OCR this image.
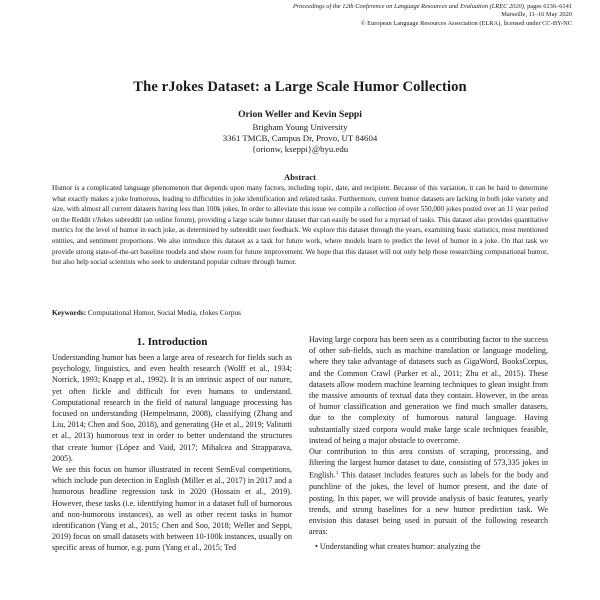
Proceedings of the 12th Conference on Language Resources and Evaluation (LREC 2020), pages 6136–6141
Marseille, 11–16 May 2020
© European Language Resources Association (ELRA), licensed under CC-BY-NC
The rJokes Dataset: a Large Scale Humor Collection
Orion Weller and Kevin Seppi
Brigham Young University
3361 TMCB, Campus Dr, Provo, UT 84604
{orionw, kseppi}@byu.edu
Abstract
Humor is a complicated language phenomenon that depends upon many factors, including topic, date, and recipient. Because of this variation, it can be hard to determine what exactly makes a joke humorous, leading to difficulties in joke identification and related tasks. Furthermore, current humor datasets are lacking in both joke variety and size, with almost all current datasets having less than 100k jokes. In order to alleviate this issue we compile a collection of over 550,000 jokes posted over an 11 year period on the Reddit r/Jokes subreddit (an online forum), providing a large scale humor dataset that can easily be used for a myriad of tasks. This dataset also provides quantitative metrics for the level of humor in each joke, as determined by subreddit user feedback. We explore this dataset through the years, examining basic statistics, most mentioned entities, and sentiment proportions. We also introduce this dataset as a task for future work, where models learn to predict the level of humor in a joke. On that task we provide strong state-of-the-art baseline models and show room for future improvement. We hope that this dataset will not only help those researching computational humor, but also help social scientists who seek to understand popular culture through humor.
Keywords: Computational Humor, Social Media, rJokes Corpus
1. Introduction

Understanding humor has been a large area of research for fields such as psychology, linguistics, and even health research (Wolff et al., 1934; Norrick, 1993; Knapp et al., 1992). It is an intrinsic aspect of our nature, yet often fickle and difficult for even humans to understand. Computational research in the field of natural language processing has focused on understanding (Hempelmann, 2008), classifying (Zhang and Liu, 2014; Chen and Soo, 2018), and generating (He et al., 2019; Valitutti et al., 2013) humorous text in order to better understand the structures that create humor (López and Vaid, 2017; Mihalcea and Strapparava, 2005).

We see this focus on humor illustrated in recent SemEval competitions, which include pun detection in English (Miller et al., 2017) in 2017 and a humorous headline regression task in 2020 (Hossain et al., 2019). However, these tasks (i.e. identifying humor in a dataset full of humorous and non-humorous instances), as well as other recent tasks in humor identification (Yang et al., 2015; Chen and Soo, 2018; Weller and Seppi, 2019) focus on small datasets with between 10-100k instances, usually on specific areas of humor, e.g. puns (Yang et al., 2015; Ted

Having large corpora has been seen as a contributing factor to the success of other sub-fields, such as machine translation or language modeling, where they take advantage of datasets such as GigaWord, BooksCorpus, and the Common Crawl (Parker et al., 2011; Zhu et al., 2015). These datasets allow modern machine learning techniques to glean insight from the massive amounts of textual data they contain. However, in the areas of humor classification and generation we find much smaller datasets, due to the complexity of humorous natural language. Having substantially sized corpora would make large scale techniques feasible, instead of being a major obstacle to overcome.

Our contribution to this area consists of scraping, processing, and filtering the largest humor dataset to date, consisting of 573,335 jokes in English.$^1$ This dataset includes features such as labels for the body and punchline of the jokes, the level of humor present, and the date of posting. In this paper, we will provide analysis of basic features, yearly trends, and strong baselines for a new humor prediction task. We envision this dataset being used in pursuit of the following research areas:

• Understanding what creates humor: analyzing the
